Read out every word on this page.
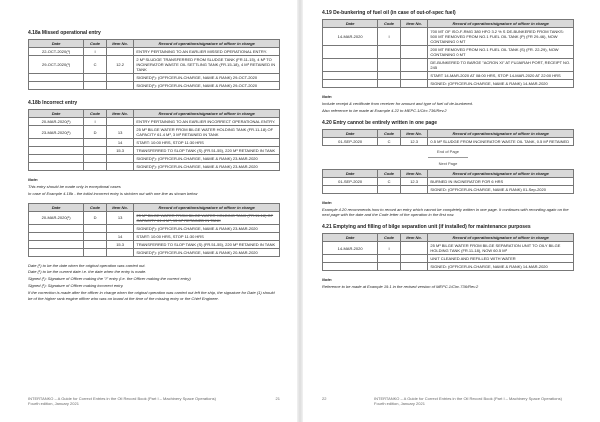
4.18a Missed operational entry
Date	Code	Item No.	Record of operations/signature of officer in charge
22-OCT-2020(¹)	I		ENTRY PERTAINING TO AN EARLIER MISSED OPERATIONAL ENTRY.
29-OCT-2020(¹)	C	12.2	2 M³ SLUDGE TRANSFERRED FROM SLUDGE TANK (FR.11-15), 4 M³ TO INCINERATOR WASTE OIL SETTLING TANK (FR.15-18), 4 M³ RETAINED IN TANK
			SIGNED(¹): (OFFICER-IN-CHARGE, NAME & RANK) 29-OCT-2020
			SIGNED(¹): (OFFICER-IN-CHARGE, NAME & RANK) 29-OCT-2020
4.18b Incorrect entry
Date	Code	Item No.	Record of operations/signature of officer in charge
20-MAR-2020(¹)	I		ENTRY PERTAINING TO AN EARLIER INCORRECT OPERATIONAL ENTRY.
23-MAR-2020(¹)	D	13	25 M³ BILGE WATER FROM BILGE WATER HOLDING TANK (FR.11-18) OF CAPACITY 61.4 M³, 3 M³ RETAINED IN TANK
		14	START: 10:00 HRS, STOP 11:30 HRS
		15.3	TRANSFERRED TO SLOP TANK (S) (FR.51-55), 220 M³ RETAINED IN TANK
			SIGNED(¹): (OFFICER-IN-CHARGE, NAME & RANK) 23-MAR-2020
			SIGNED(¹): (OFFICER-IN-CHARGE, NAME & RANK) 23-MAR-2020
Note:
This entry should be made only in exceptional cases
In case of Example 4.18b - the initial incorrect entry is stricken out with one line as shown below
Date	Code	Item No.	Record of operations/signature of officer in charge
20-MAR-2020(¹)	D	13	25 M³ BILGE WATER FROM BILGE WATER HOLDING TANK (FR.11-18) OF CAPACITY 61.4 M³, 15 M³ RETAINED IN TANK
			SIGNED(¹): (OFFICER-IN-CHARGE, NAME & RANK) 23-MAR-2020
		14	START: 10:00 HRS, STOP 11:30 HRS
		15.3	TRANSFERRED TO SLOP TANK (S) (FR.51-55), 220 M³ RETAINED IN TANK
			SIGNED(¹): (OFFICER-IN-CHARGE, NAME & RANK) 20-MAR-2020
Date (¹) to be the date when the original operation was carried out.
Date (¹) to be the current date i.e. the date when the entry is made.
Signed (¹): Signature of Officer making the "I" entry (i.e. the Officer making the correct entry)
Signed (¹): Signature of Officer making incorrect entry.
If the correction is made after the officer in charge when the original operation was carried out left the ship, the signature for Date (1) should be of the higher rank engine officer who was on board at the time of the missing entry or the Chief Engineer.
INTERTANKO – A Guide for Correct Entries in the Oil Record Book (Part I – Machinery Space Operations) Fourth edition, January 2021
21
4.19 De-bunkering of fuel oil (in case of out-of-spec fuel)
Date	Code	Item No.	Record of operations/signature of officer in charge
14-MAR-2020	I		700 MT OF ISO-F-RMG 380 HFO 3.2 % S DE-BUNKERED FROM TANKS: 500 MT REMOVED FROM NO.1 FUEL OIL TANK (P) (FR 29-46), NOW CONTAINING 0 MT
			200 MT REMOVED FROM NO.1 FUEL OIL TANK (S) (FR. 22-29), NOW CONTAINING 0 MT
			DE-BUNKERED TO BARGE "ACRON XI" AT FUJAIRAH PORT, RECEIPT NO. 245
			START 14-MAR-2020 AT 08:00 HRS, STOP 14-MAR-2020 AT 22:00 HRS
			SIGNED: (OFFICER-IN-CHARGE, NAME & RANK) 14-MAR-2020
Note:
Include receipt & certificate from receiver for amount and type of fuel oil de-bunkered.
Also reference to be made at Example 4.22 to MEPC.1/Circ.736/Rev.2
4.20 Entry cannot be entirely written in one page
Date	Code	Item No.	Record of operations/signature of officer in charge
01-SEP-2020	C	12.3	0.5 M³ SLUDGE FROM INCINERATOR WASTE OIL TANK, 0.5 M³ RETAINED
End of Page
Next Page
Date	Code	Item No.	Record of operations/signature of officer in charge
01-SEP-2020	C	12.3	BURNED IN INCINERATOR FOR 6 HRS
			SIGNED: (OFFICER-IN-CHARGE, NAME & RANK) 01-Sep-2020
Note:
Example 4.20 recommends how to record an entry which cannot be completely written in one page. It continues with recording again on the next page with the date and the Code letter of the operation in the first row.
4.21 Emptying and filling of bilge separation unit (if installed) for maintenance purposes
Date	Code	Item No.	Record of operations/signature of officer in charge
14-MAR-2020	I		25 M³ BILGE WATER FROM BILGE SEPARATION UNIT TO OILY BILGE HOLDING TANK (FR.11-18), NOW 60.5 M³
			UNIT CLEANED AND REFILLED WITH WATER
			SIGNED: (OFFICER-IN-CHARGE, NAME & RANK) 14-MAR-2020
Note:
Reference to be made at Example 19.1 in the revised version of MEPC.1/Circ.736/Rev.2
22	INTERTANKO – A Guide for Correct Entries in the Oil Record Book (Part I – Machinery Space Operations) Fourth edition, January 2021
